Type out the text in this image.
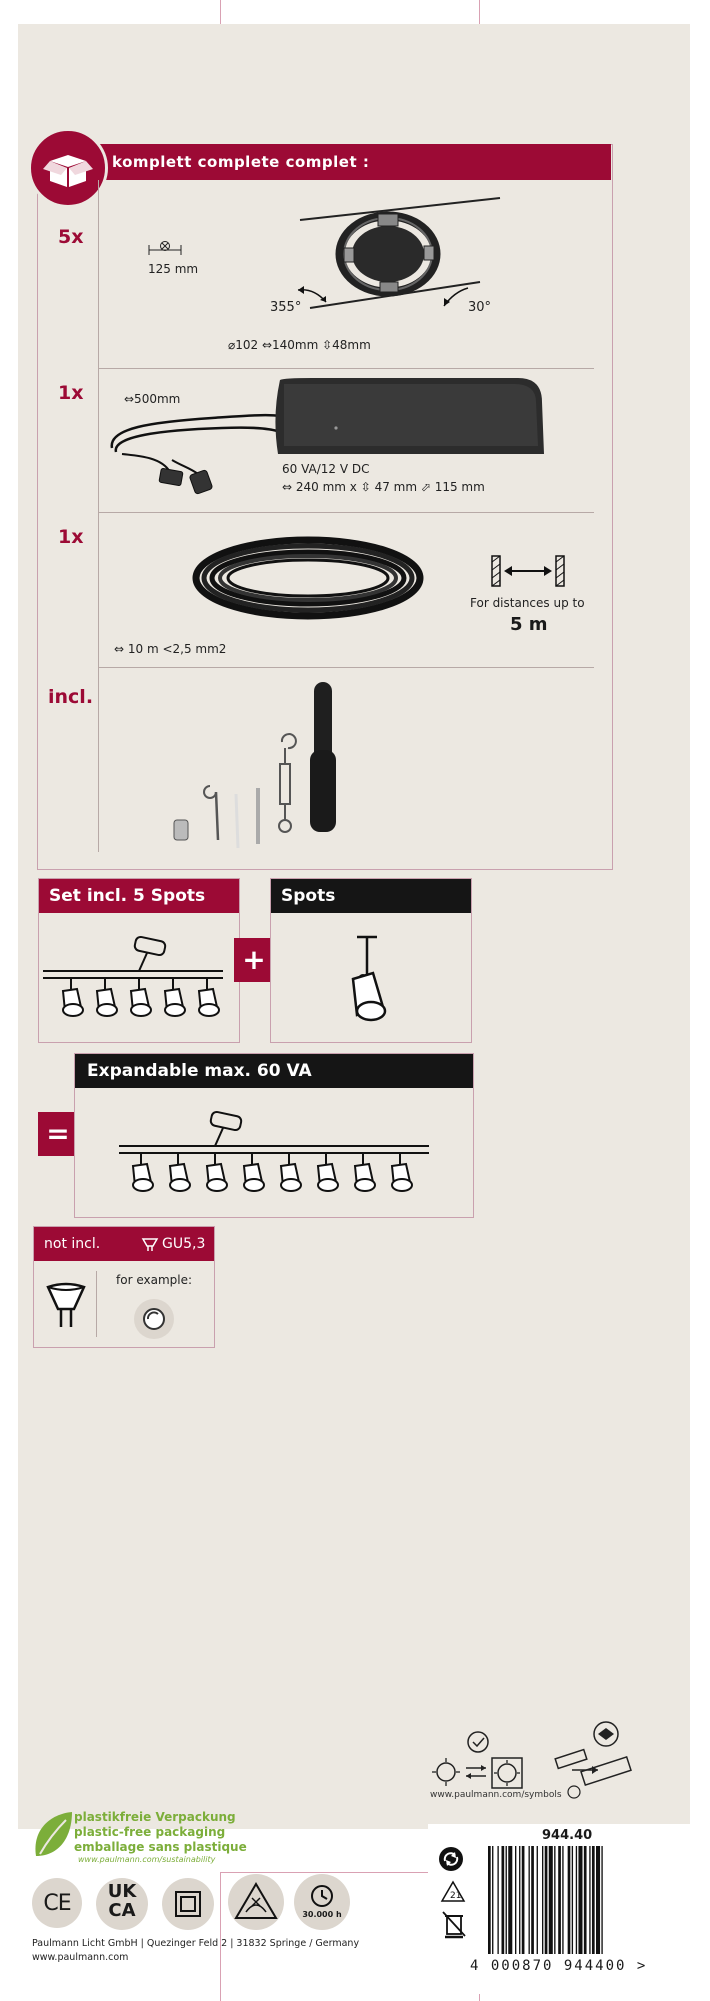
komplett complete complet :
5x
125 mm
355°	30°
⌀102 ⇔140mm ⇳48mm
1x	⇔500mm
60 VA/12 V DC
⇔ 240 mm x ⇳ 47 mm ⬀ 115 mm
1x
For distances up to
5 m
⇔ 10 m <2,5 mm2
incl.
Set incl. 5 Spots
+
Spots
=
Expandable max. 60 VA
not incl.	GU5,3
for example:
www.paulmann.com/symbols
plastikfreie Verpackung
plastic-free packaging
emballage sans plastique
www.paulmann.com/sustainability
CE	UK
CA	30.000 h
Paulmann Licht GmbH | Quezinger Feld 2 | 31832 Springe / Germany
www.paulmann.com
944.40
21
4 000870 944400 >
